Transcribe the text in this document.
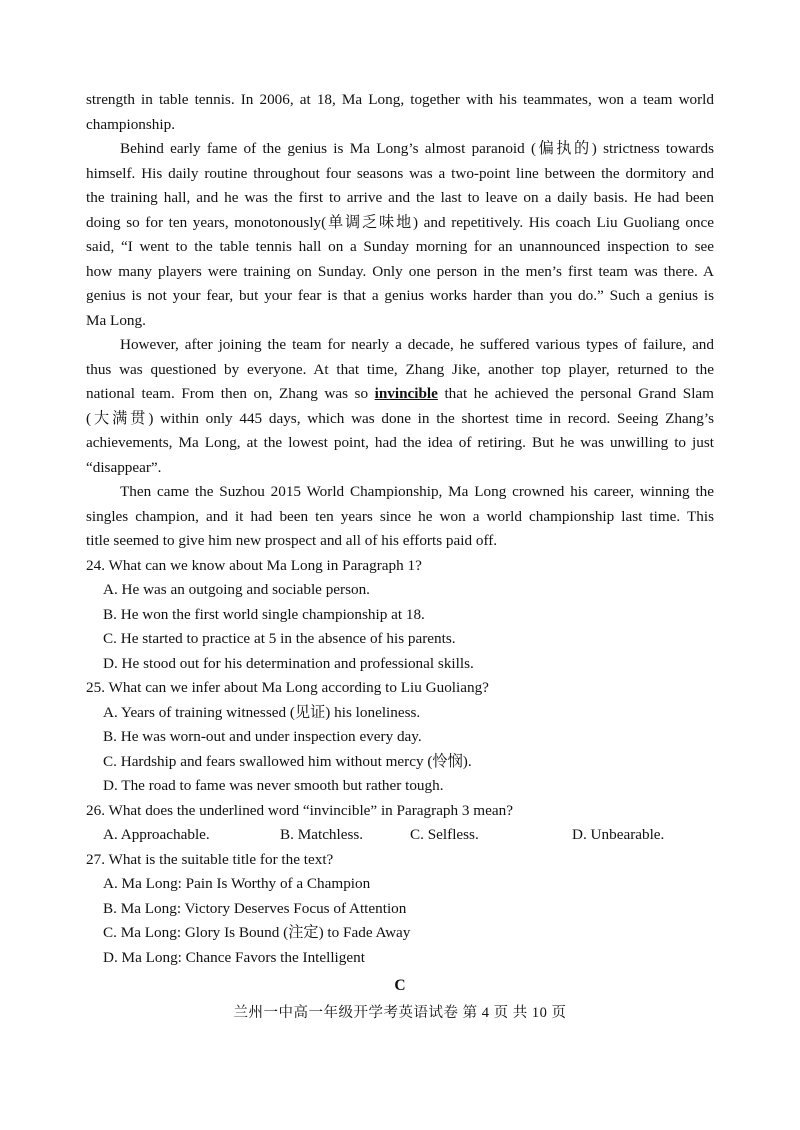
strength in table tennis. In 2006, at 18, Ma Long, together with his teammates, won a team world
championship.
Behind early fame of the genius is Ma Long’s almost paranoid (偏执的) strictness towards
himself. His daily routine throughout four seasons was a two-point line between the dormitory and
the training hall, and he was the first to arrive and the last to leave on a daily basis. He had been
doing so for ten years, monotonously(单调乏味地) and repetitively. His coach Liu Guoliang once
said, “I went to the table tennis hall on a Sunday morning for an unannounced inspection to see
how many players were training on Sunday. Only one person in the men’s first team was there. A
genius is not your fear, but your fear is that a genius works harder than you do.” Such a genius is
Ma Long.
However, after joining the team for nearly a decade, he suffered various types of failure, and
thus was questioned by everyone. At that time, Zhang Jike, another top player, returned to the
national team. From then on, Zhang was so invincible that he achieved the personal Grand Slam
(大满贯) within only 445 days, which was done in the shortest time in record. Seeing Zhang’s
achievements, Ma Long, at the lowest point, had the idea of retiring. But he was unwilling to just
“disappear”.
Then came the Suzhou 2015 World Championship, Ma Long crowned his career, winning the
singles champion, and it had been ten years since he won a world championship last time. This
title seemed to give him new prospect and all of his efforts paid off.
24. What can we know about Ma Long in Paragraph 1?
A. He was an outgoing and sociable person.
B. He won the first world single championship at 18.
C. He started to practice at 5 in the absence of his parents.
D. He stood out for his determination and professional skills.
25. What can we infer about Ma Long according to Liu Guoliang?
A. Years of training witnessed (见证) his loneliness.
B. He was worn-out and under inspection every day.
C. Hardship and fears swallowed him without mercy (怜悯).
D. The road to fame was never smooth but rather tough.
26. What does the underlined word “invincible” in Paragraph 3 mean?
A. Approachable.	B. Matchless.	C. Selfless.	D. Unbearable.
27. What is the suitable title for the text?
A. Ma Long: Pain Is Worthy of a Champion
B. Ma Long: Victory Deserves Focus of Attention
C. Ma Long: Glory Is Bound (注定) to Fade Away
D. Ma Long: Chance Favors the Intelligent
C
兰州一中高一年级开学考英语试卷 第 4 页 共 10 页
